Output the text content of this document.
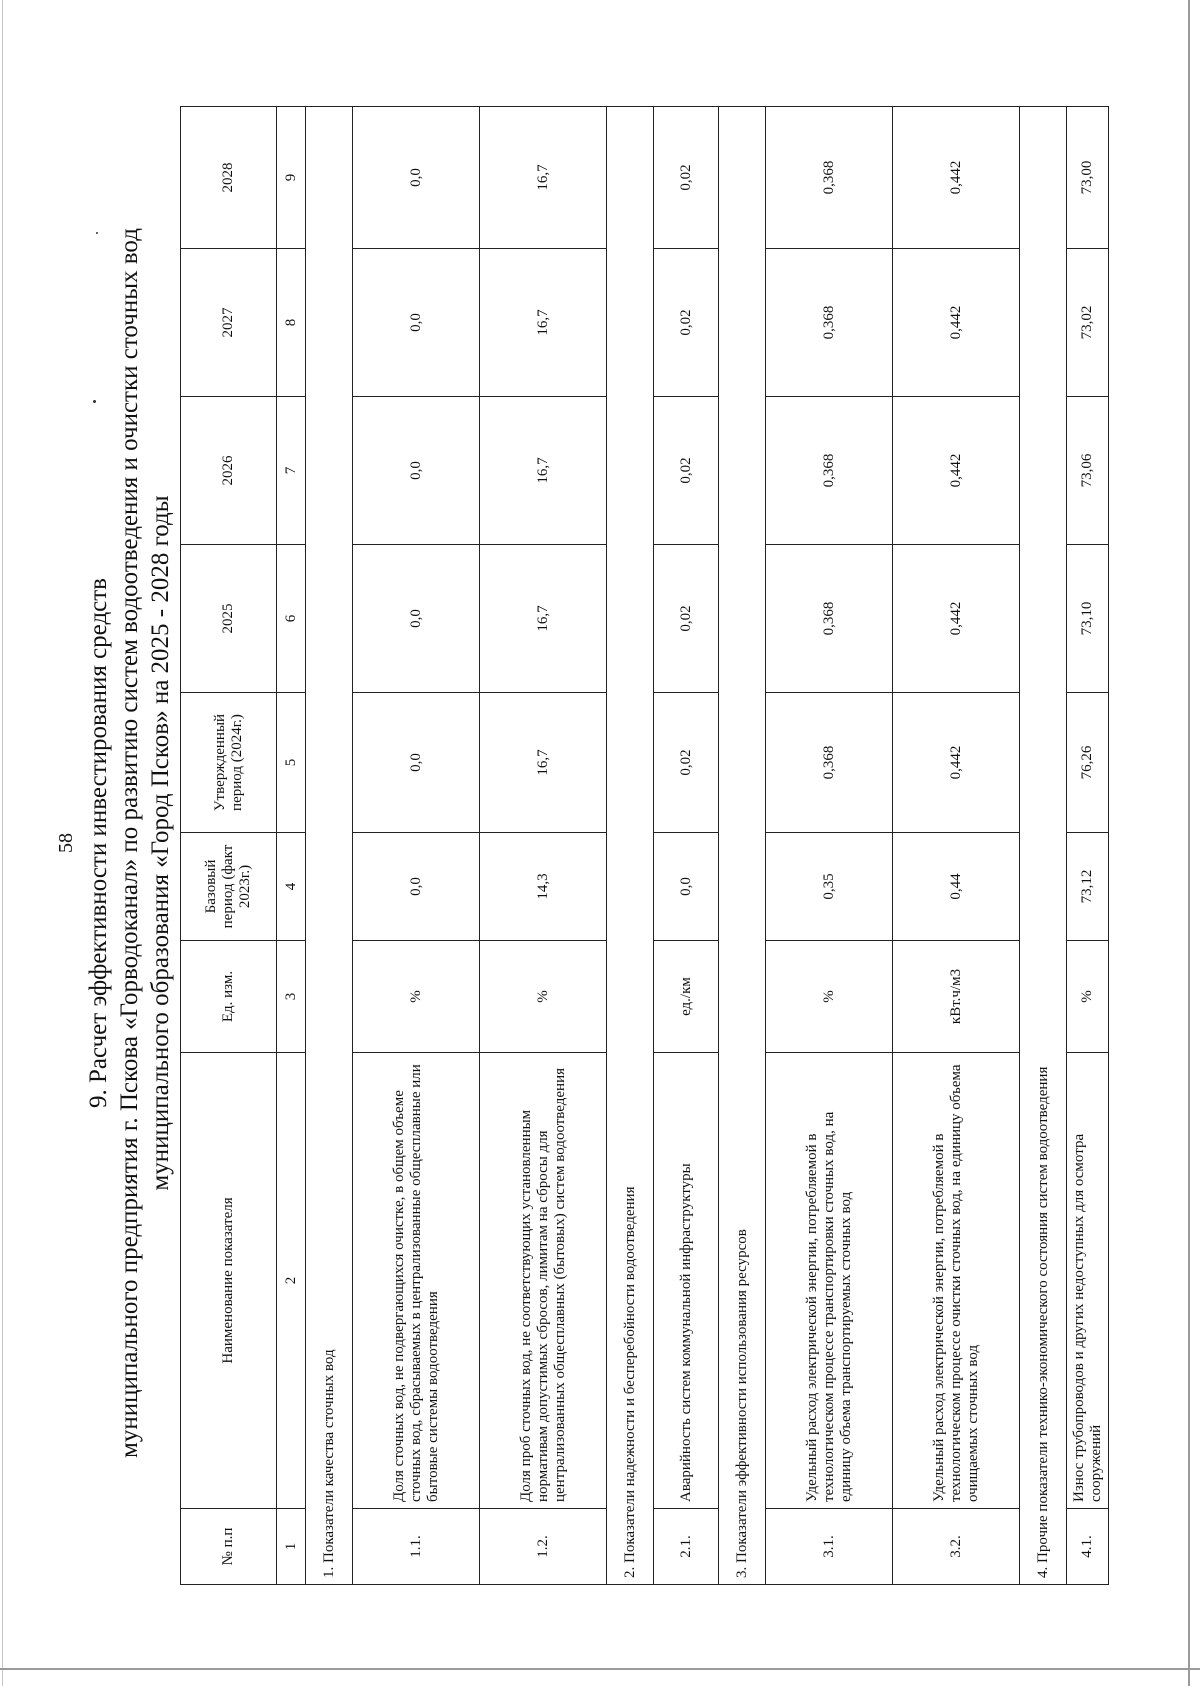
58 9. Расчет эффективности инвестирования средств муниципального предприятия г. Пскова «Горводоканал» по развитию систем водоотведения и очистки сточных вод муниципального образования «Город Псков» на 2025 - 2028 годы
№ п.п	Наименование показателя	Ед. изм.	Базовый период (факт 2023г.)	Утвержденный период (2024г.)	2025	2026	2027	2028
1	2	3	4	5	6	7	8	9
1. Показатели качества сточных вод								
1.1.	Доля сточных вод, не подвергающихся очистке, в общем объеме сточных вод, сбрасываемых в централизованные общесплавные или бытовые системы водоотведения	%	0,0	0,0	0,0	0,0	0,0	0,0
1.2.	Доля проб сточных вод, не соответствующих установленным нормативам допустимых сбросов, лимитам на сбросы для централизованных общесплавных (бытовых) систем водоотведения	%	14,3	16,7	16,7	16,7	16,7	16,7
2. Показатели надежности и бесперебойности водоотведения								
2.1.	Аварийность систем коммунальной инфраструктуры	ед./км	0,0	0,02	0,02	0,02	0,02	0,02
3. Показатели эффективности использования ресурсов								
3.1.	Удельный расход электрической энергии, потребляемой в технологическом процессе транспортировки сточных вод, на единицу объема транспортируемых сточных вод	%	0,35	0,368	0,368	0,368	0,368	0,368
3.2.	Удельный расход электрической энергии, потребляемой в технологическом процессе очистки сточных вод, на единицу объема очищаемых сточных вод	кВт.ч/м3	0,44	0,442	0,442	0,442	0,442	0,442
4. Прочие показатели технико-экономического состояния систем водоотведения								
4.1.	Износ трубопроводов и других недоступных для осмотра сооружений	%	73,12	76,26	73,10	73,06	73,02	73,00
